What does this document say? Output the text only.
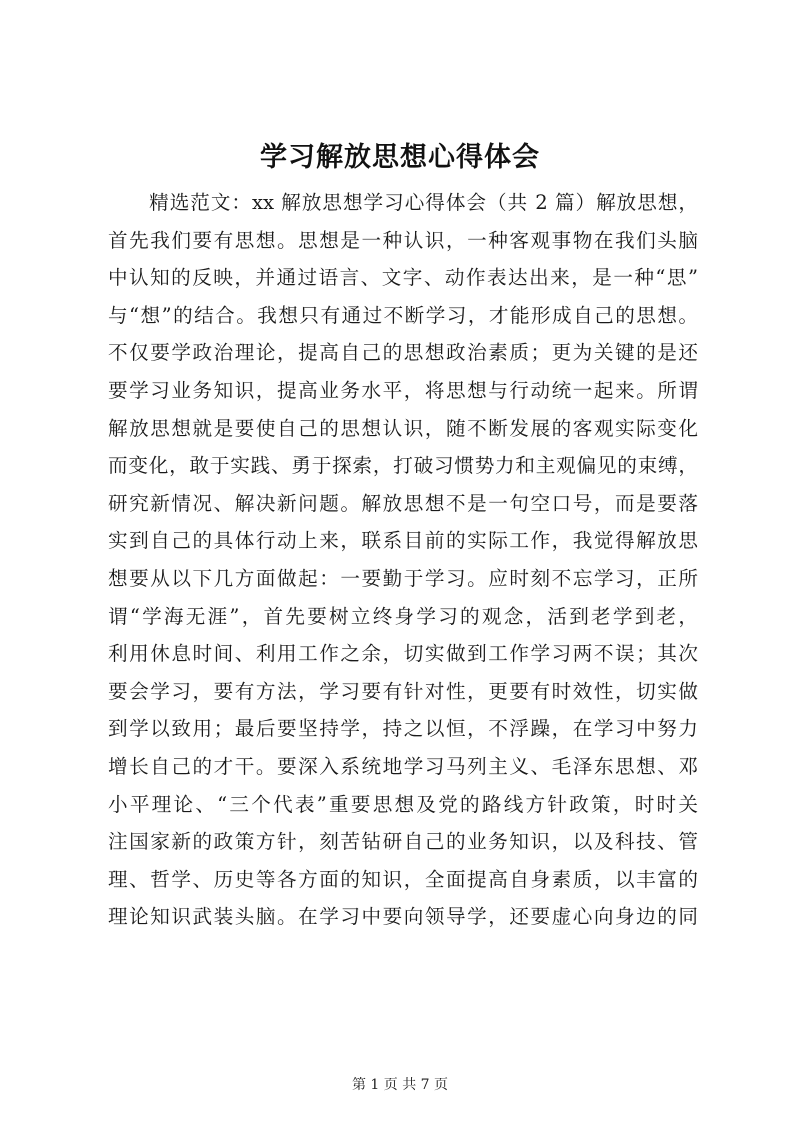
学习解放思想心得体会
　　精选范文：xx 解放思想学习心得体会（共 2 篇）解放思想，
首先我们要有思想。思想是一种认识，一种客观事物在我们头脑
中认知的反映，并通过语言、文字、动作表达出来，是一种“思”
与“想”的结合。我想只有通过不断学习，才能形成自己的思想。
不仅要学政治理论，提高自己的思想政治素质；更为关键的是还
要学习业务知识，提高业务水平，将思想与行动统一起来。所谓
解放思想就是要使自己的思想认识，随不断发展的客观实际变化
而变化，敢于实践、勇于探索，打破习惯势力和主观偏见的束缚，
研究新情况、解决新问题。解放思想不是一句空口号，而是要落
实到自己的具体行动上来，联系目前的实际工作，我觉得解放思
想要从以下几方面做起：一要勤于学习。应时刻不忘学习，正所
谓“学海无涯”，首先要树立终身学习的观念，活到老学到老，
利用休息时间、利用工作之余，切实做到工作学习两不误；其次
要会学习，要有方法，学习要有针对性，更要有时效性，切实做
到学以致用；最后要坚持学，持之以恒，不浮躁，在学习中努力
增长自己的才干。要深入系统地学习马列主义、毛泽东思想、邓
小平理论、“三个代表”重要思想及党的路线方针政策，时时关
注国家新的政策方针，刻苦钻研自己的业务知识，以及科技、管
理、哲学、历史等各方面的知识，全面提高自身素质，以丰富的
理论知识武装头脑。在学习中要向领导学，还要虚心向身边的同
第 1 页 共 7 页
